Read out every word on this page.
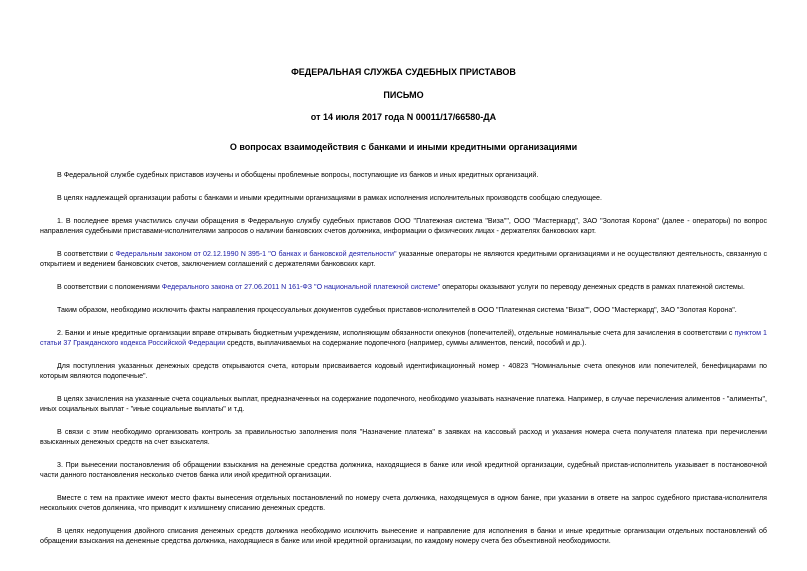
ФЕДЕРАЛЬНАЯ СЛУЖБА СУДЕБНЫХ ПРИСТАВОВ

ПИСЬМО

от 14 июля 2017 года N 00011/17/66580-ДА

О вопросах взаимодействия с банками и иными кредитными организациями

В Федеральной службе судебных приставов изучены и обобщены проблемные вопросы, поступающие из банков и иных кредитных организаций.

В целях надлежащей организации работы с банками и иными кредитными организациями в рамках исполнения исполнительных производств сообщаю следующее.

1. В последнее время участились случаи обращения в Федеральную службу судебных приставов ООО "Платежная система "Виза"", ООО "Мастеркард", ЗАО "Золотая Корона" (далее - операторы) по вопрос направления судебными приставами-исполнителями запросов о наличии банковских счетов должника, информации о физических лицах - держателях банковских карт.

В соответствии с Федеральным законом от 02.12.1990 N 395-1 "О банках и банковской деятельности" указанные операторы не являются кредитными организациями и не осуществляют деятельность, связанную с открытием и ведением банковских счетов, заключением соглашений с держателями банковских карт.

В соответствии с положениями Федерального закона от 27.06.2011 N 161-ФЗ "О национальной платежной системе" операторы оказывают услуги по переводу денежных средств в рамках платежной системы.

Таким образом, необходимо исключить факты направления процессуальных документов судебных приставов-исполнителей в ООО "Платежная система "Виза"", ООО "Мастеркард", ЗАО "Золотая Корона".

2. Банки и иные кредитные организации вправе открывать бюджетным учреждениям, исполняющим обязанности опекунов (попечителей), отдельные номинальные счета для зачисления в соответствии с пунктом 1 статьи 37 Гражданского кодекса Российской Федерации средств, выплачиваемых на содержание подопечного (например, суммы алиментов, пенсий, пособий и др.).

Для поступления указанных денежных средств открываются счета, которым присваивается кодовый идентификационный номер - 40823 "Номинальные счета опекунов или попечителей, бенефициарами по которым являются подопечные".

В целях зачисления на указанные счета социальных выплат, предназначенных на содержание подопечного, необходимо указывать назначение платежа. Например, в случае перечисления алиментов - "алименты", иных социальных выплат - "иные социальные выплаты" и т.д.

В связи с этим необходимо организовать контроль за правильностью заполнения поля "Назначение платежа" в заявках на кассовый расход и указания номера счета получателя платежа при перечислении взысканных денежных средств на счет взыскателя.

3. При вынесении постановления об обращении взыскания на денежные средства должника, находящиеся в банке или иной кредитной организации, судебный пристав-исполнитель указывает в постановочной части данного постановления несколько счетов банка или иной кредитной организации.

Вместе с тем на практике имеют место факты вынесения отдельных постановлений по номеру счета должника, находящемуся в одном банке, при указании в ответе на запрос судебного пристава-исполнителя нескольких счетов должника, что приводит к излишнему списанию денежных средств.

В целях недопущения двойного списания денежных средств должника необходимо исключить вынесение и направление для исполнения в банки и иные кредитные организации отдельных постановлений об обращении взыскания на денежные средства должника, находящиеся в банке или иной кредитной организации, по каждому номеру счета без объективной необходимости.
